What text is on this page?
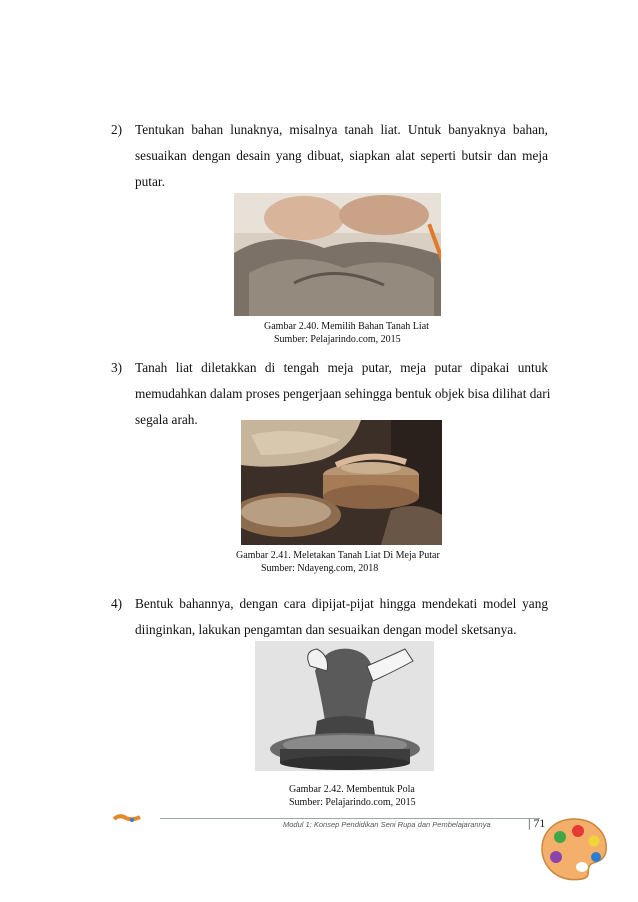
2) Tentukan bahan lunaknya, misalnya tanah liat. Untuk banyaknya bahan,
sesuaikan dengan desain yang dibuat, siapkan alat seperti butsir dan meja
putar.
Gambar 2.40. Memilih Bahan Tanah Liat
Sumber: Pelajarindo.com, 2015
3) Tanah liat diletakkan di tengah meja putar, meja putar dipakai untuk
memudahkan dalam proses pengerjaan sehingga bentuk objek bisa dilihat dari
segala arah.
Gambar 2.41. Meletakan Tanah Liat Di Meja Putar
Sumber: Ndayeng.com, 2018
4) Bentuk bahannya, dengan cara dipijat-pijat hingga mendekati model yang
diinginkan, lakukan pengamtan dan sesuaikan dengan model sketsanya.
Gambar 2.42. Membentuk Pola
Sumber: Pelajarindo.com, 2015
Modul 1: Konsep Pendidikan Seni Rupa dan Pembelajarannya	| 71
